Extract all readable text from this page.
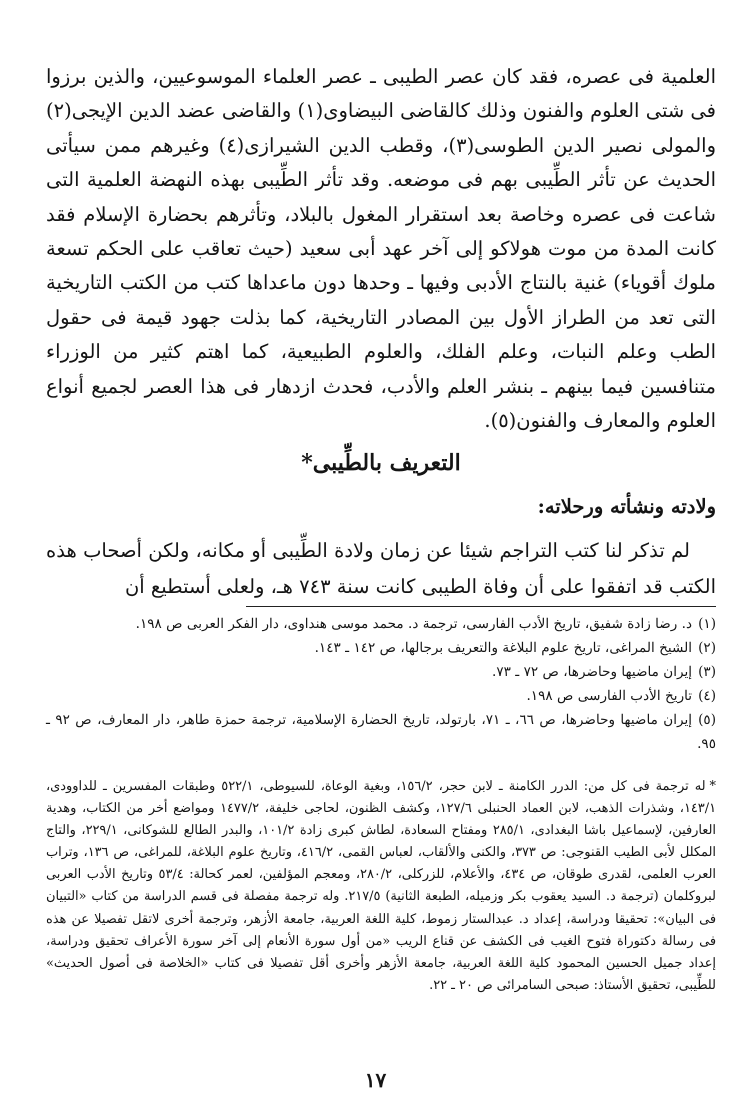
العلمية فى عصره، فقد كان عصر الطيبى ـ عصر العلماء الموسوعيين، والذين برزوا فى شتى العلوم والفنون وذلك كالقاضى البيضاوى(١) والقاضى عضد الدين الإيجى(٢) والمولى نصير الدين الطوسى(٣)، وقطب الدين الشيرازى(٤) وغيرهم ممن سيأتى الحديث عن تأثر الطِّيبى بهم فى موضعه. وقد تأثر الطِّيبى بهذه النهضة العلمية التى شاعت فى عصره وخاصة بعد استقرار المغول بالبلاد، وتأثرهم بحضارة الإسلام فقد كانت المدة من موت هولاكو إلى آخر عهد أبى سعيد (حيث تعاقب على الحكم تسعة ملوك أقوياء) غنية بالنتاج الأدبى وفيها ـ وحدها دون ماعداها كتب من الكتب التاريخية التى تعد من الطراز الأول بين المصادر التاريخية، كما بذلت جهود قيمة فى حقول الطب وعلم النبات، وعلم الفلك، والعلوم الطبيعية، كما اهتم كثير من الوزراء متنافسين فيما بينهم ـ بنشر العلم والأدب، فحدث ازدهار فى هذا العصر لجميع أنواع العلوم والمعارف والفنون(٥).

التعريف بالطِّيبى*
ولادته ونشأته ورحلاته:

لم تذكر لنا كتب التراجم شيئا عن زمان ولادة الطِّيبى أو مكانه، ولكن أصحاب هذه الكتب قد اتفقوا على أن وفاة الطيبى كانت سنة ٧٤٣ هـ، ولعلى أستطيع أن

(١)د. رضا زادة شفيق، تاريخ الأدب الفارسى، ترجمة د. محمد موسى هنداوى، دار الفكر العربى ص ١٩٨.

(٢)الشيخ المراغى، تاريخ علوم البلاغة والتعريف برجالها، ص ١٤٢ ـ ١٤٣.

(٣)إيران ماضيها وحاضرها، ص ٧٢ ـ ٧٣.

(٤)تاريخ الأدب الفارسى ص ١٩٨.

(٥)إيران ماضيها وحاضرها، ص ٦٦، ـ ٧١، بارتولد، تاريخ الحضارة الإسلامية، ترجمة حمزة طاهر، دار المعارف، ص ٩٢ ـ ٩٥.

*له ترجمة فى كل من: الدرر الكامنة ـ لابن حجر، ١٥٦/٢، وبغية الوعاة، للسيوطى، ٥٢٢/١ وطبقات المفسرين ـ للداوودى، ١٤٣/١، وشذرات الذهب، لابن العماد الحنبلى ١٢٧/٦، وكشف الظنون، لحاجى خليفة، ١٤٧٧/٢ ومواضع أخر من الكتاب، وهدية العارفين، لإسماعيل باشا البغدادى، ٢٨٥/١ ومفتاح السعادة، لطاش كبرى زادة ١٠١/٢، والبدر الطالع للشوكانى، ٢٢٩/١، والتاج المكلل لأبى الطيب القنوجى: ص ٣٧٣، والكنى والألقاب، لعباس القمى، ٤١٦/٢، وتاريخ علوم البلاغة، للمراغى، ص ١٣٦، وتراب العرب العلمى، لقدرى طوقان، ص ٤٣٤، والأعلام، للزركلى، ٢٨٠/٢، ومعجم المؤلفين، لعمر كحالة: ٥٣/٤ وتاريخ الأدب العربى لبروكلمان (ترجمة د. السيد يعقوب بكر وزميله، الطبعة الثانية) ٢١٧/٥. وله ترجمة مفصلة فى قسم الدراسة من كتاب «التبيان فى البيان»: تحقيقا ودراسة، إعداد د. عبدالستار زموط، كلية اللغة العربية، جامعة الأزهر، وترجمة أخرى لاتقل تفصيلا عن هذه فى رسالة دكتوراة فتوح الغيب فى الكشف عن قناع الريب «من أول سورة الأنعام إلى آخر سورة الأعراف تحقيق ودراسة، إعداد جميل الحسين المحمود كلية اللغة العربية، جامعة الأزهر وأخرى أقل تفصيلا فى كتاب «الخلاصة فى أصول الحديث» للطِّيبى، تحقيق الأستاذ: صبحى السامرائى ص ٢٠ ـ ٢٢.

١٧
